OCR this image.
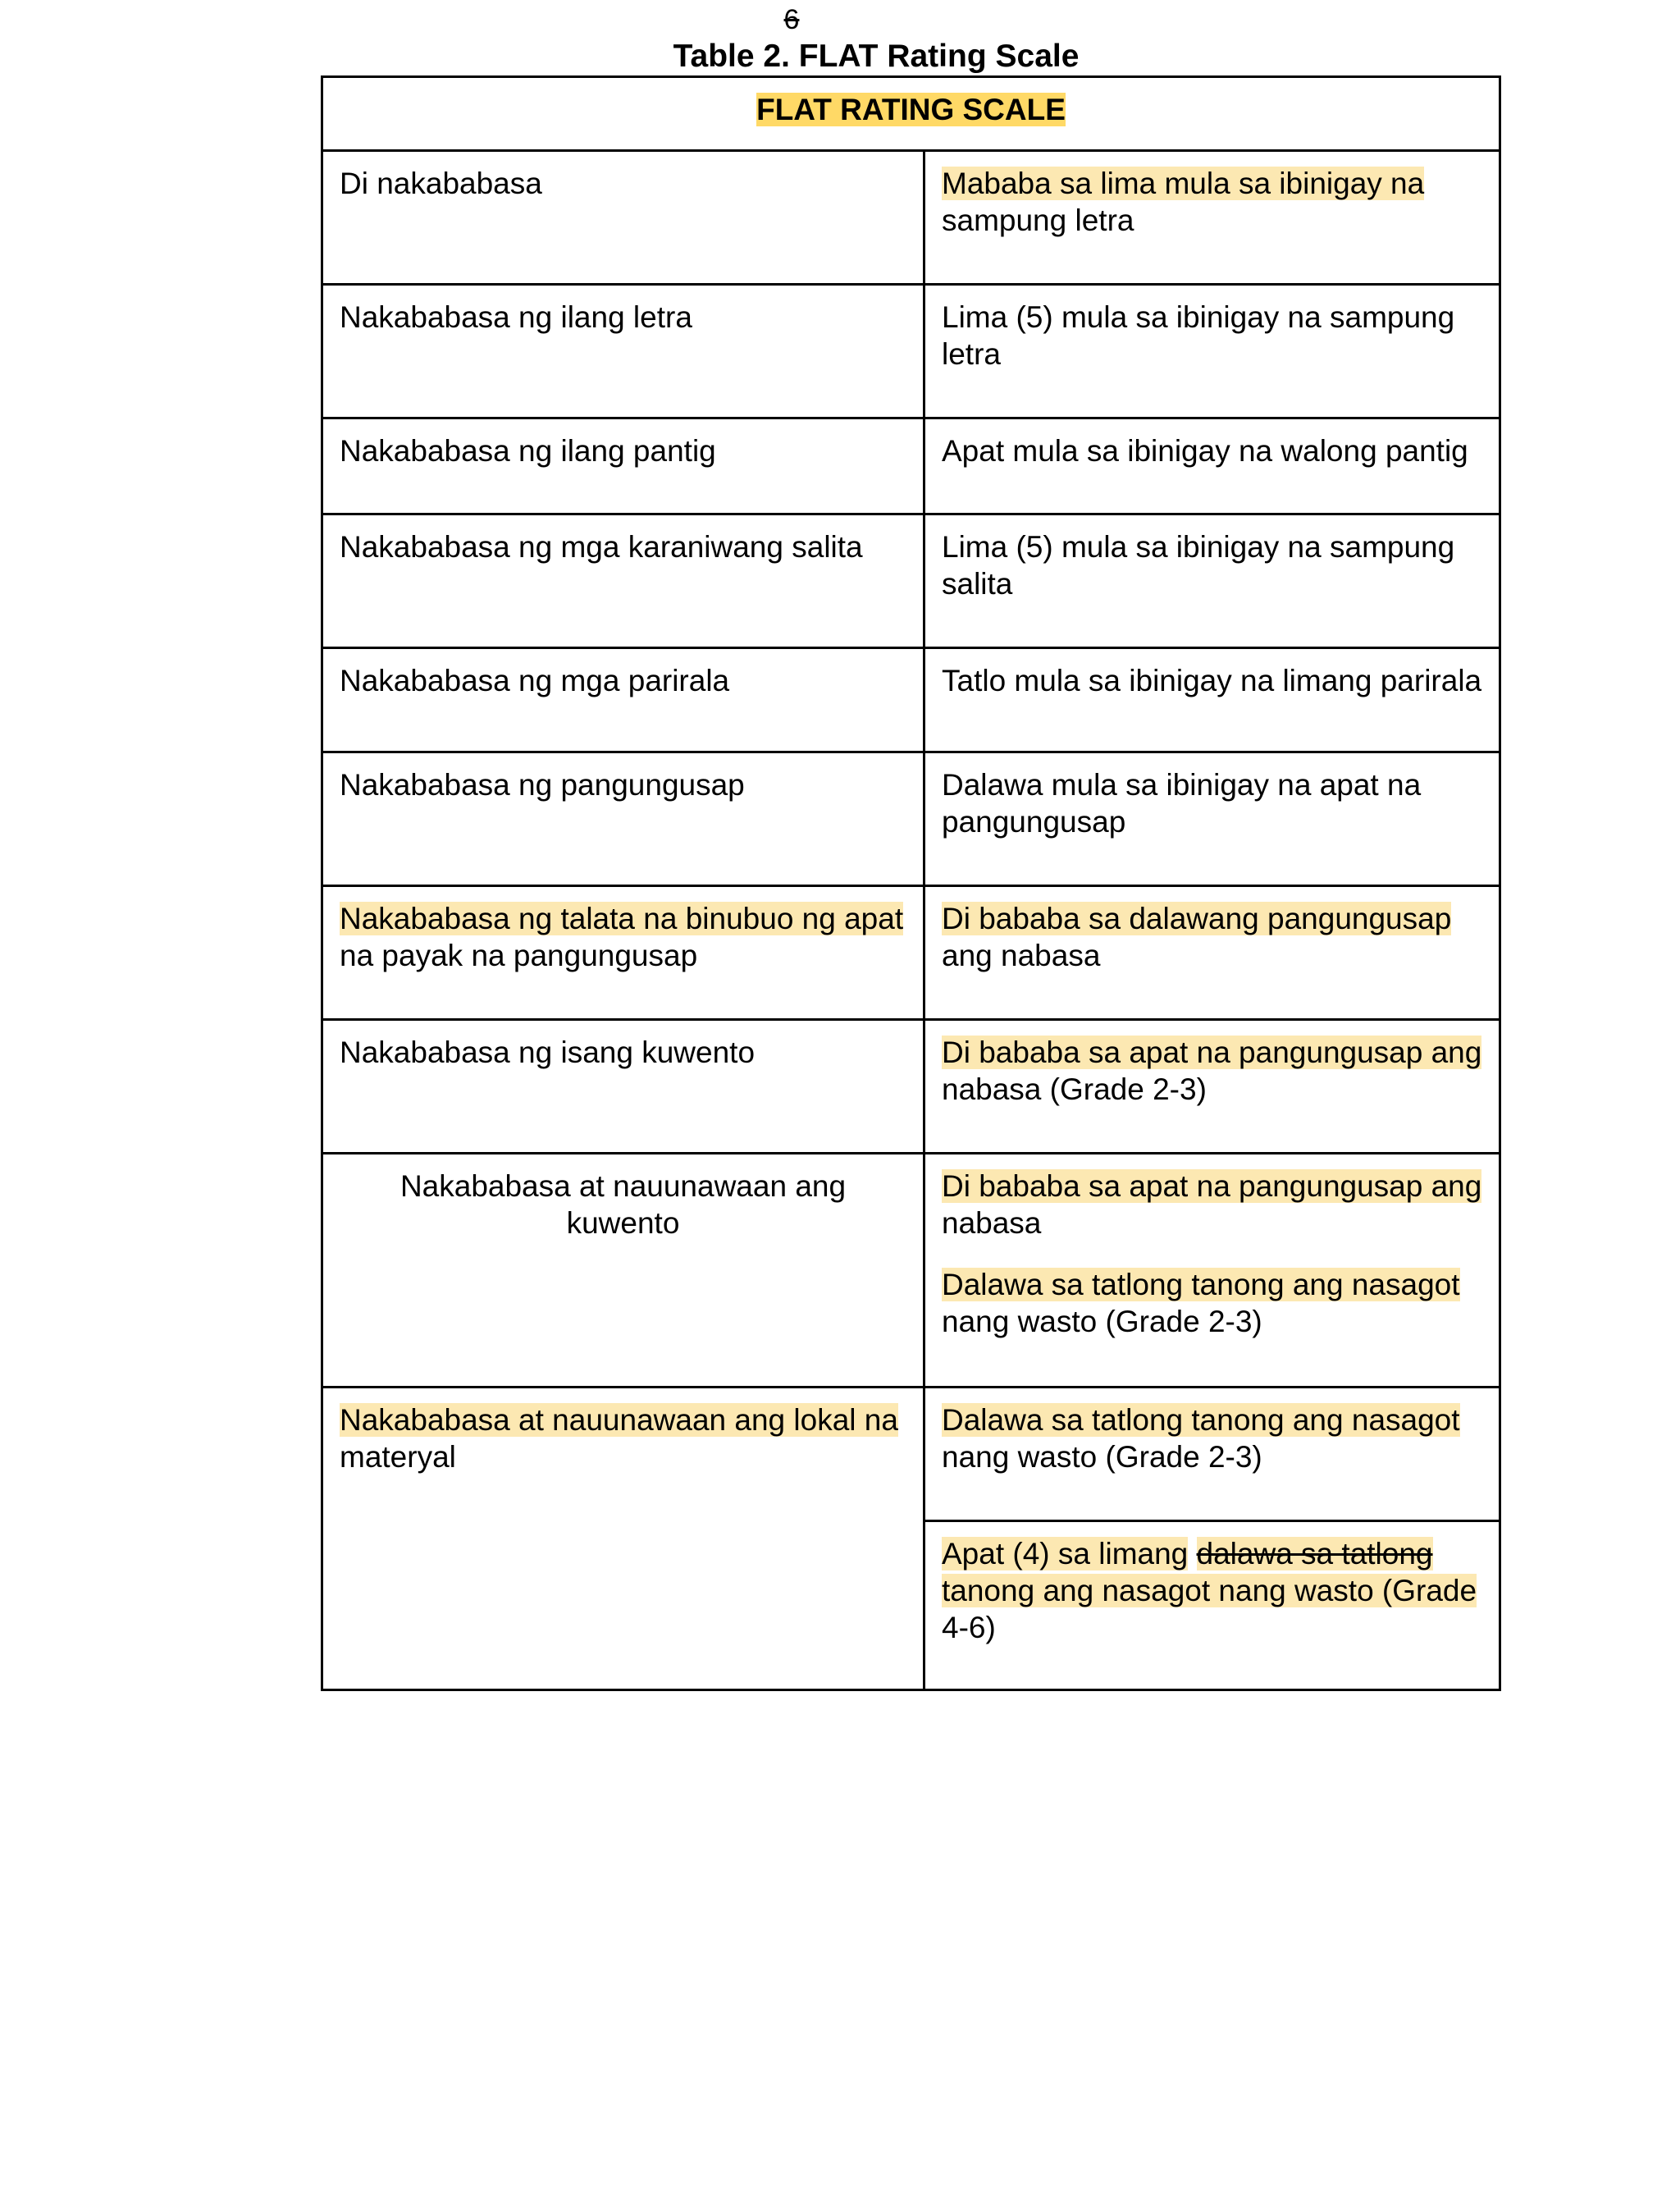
6
Table 2. FLAT Rating Scale
FLAT RATING SCALE	
Di nakababasa	Mababa sa lima mula sa ibinigay na
sampung letra
Nakababasa ng ilang letra	Lima (5) mula sa ibinigay na sampung letra
Nakababasa ng ilang pantig	Apat mula sa ibinigay na walong pantig
Nakababasa ng mga karaniwang salita	Lima (5) mula sa ibinigay na sampung salita
Nakababasa ng mga parirala	Tatlo mula sa ibinigay na limang parirala
Nakababasa ng pangungusap	Dalawa mula sa ibinigay na apat na pangungusap
Nakababasa ng talata na binubuo ng apat na payak na pangungusap	Di bababa sa dalawang pangungusap
ang nabasa
Nakababasa ng isang kuwento	Di bababa sa apat na pangungusap ang nabasa (Grade 2-3)
Nakababasa at nauunawaan ang kuwento	Di bababa sa apat na pangungusap ang nabasa
Dalawa sa tatlong tanong ang nasagot nang wasto (Grade 2-3)

Nakababasa at nauunawaan ang lokal na materyal	Dalawa sa tatlong tanong ang nasagot nang wasto (Grade 2-3)
	Apat (4) sa limang dalawa sa tatlong tanong ang nasagot nang wasto (Grade 4-6)
